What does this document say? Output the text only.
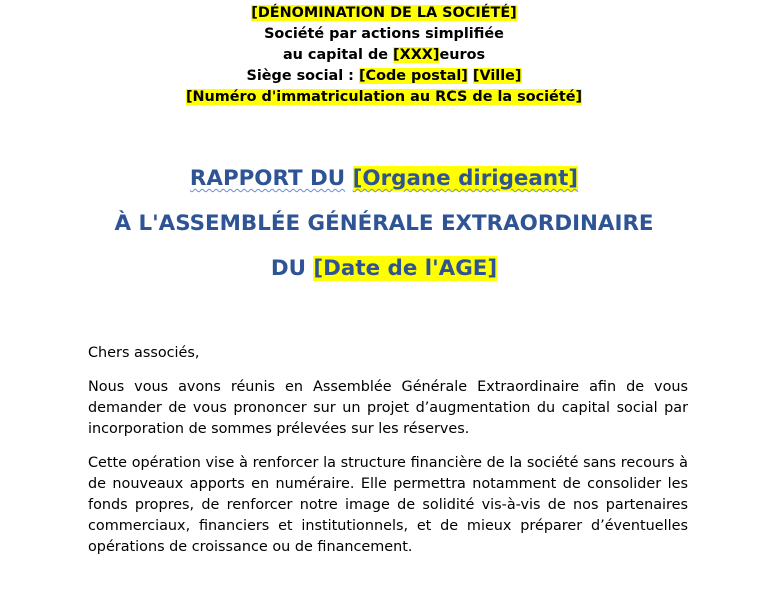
[DÉNOMINATION DE LA SOCIÉTÉ]
Société par actions simplifiée
au capital de [XXX]euros
Siège social : [Code postal] [Ville]
[Numéro d'immatriculation au RCS de la société]
RAPPORT DU [Organe dirigeant]
À L'ASSEMBLÉE GÉNÉRALE EXTRAORDINAIRE
DU [Date de l'AGE]

Chers associés,

Nous vous avons réunis en Assemblée Générale Extraordinaire afin de vous demander de vous prononcer sur un projet d’augmentation du capital social par incorporation de sommes prélevées sur les réserves.

Cette opération vise à renforcer la structure financière de la société sans recours à de nouveaux apports en numéraire. Elle permettra notamment de consolider les fonds propres, de renforcer notre image de solidité vis-à-vis de nos partenaires commerciaux, financiers et institutionnels, et de mieux préparer d’éventuelles opérations de croissance ou de financement.
